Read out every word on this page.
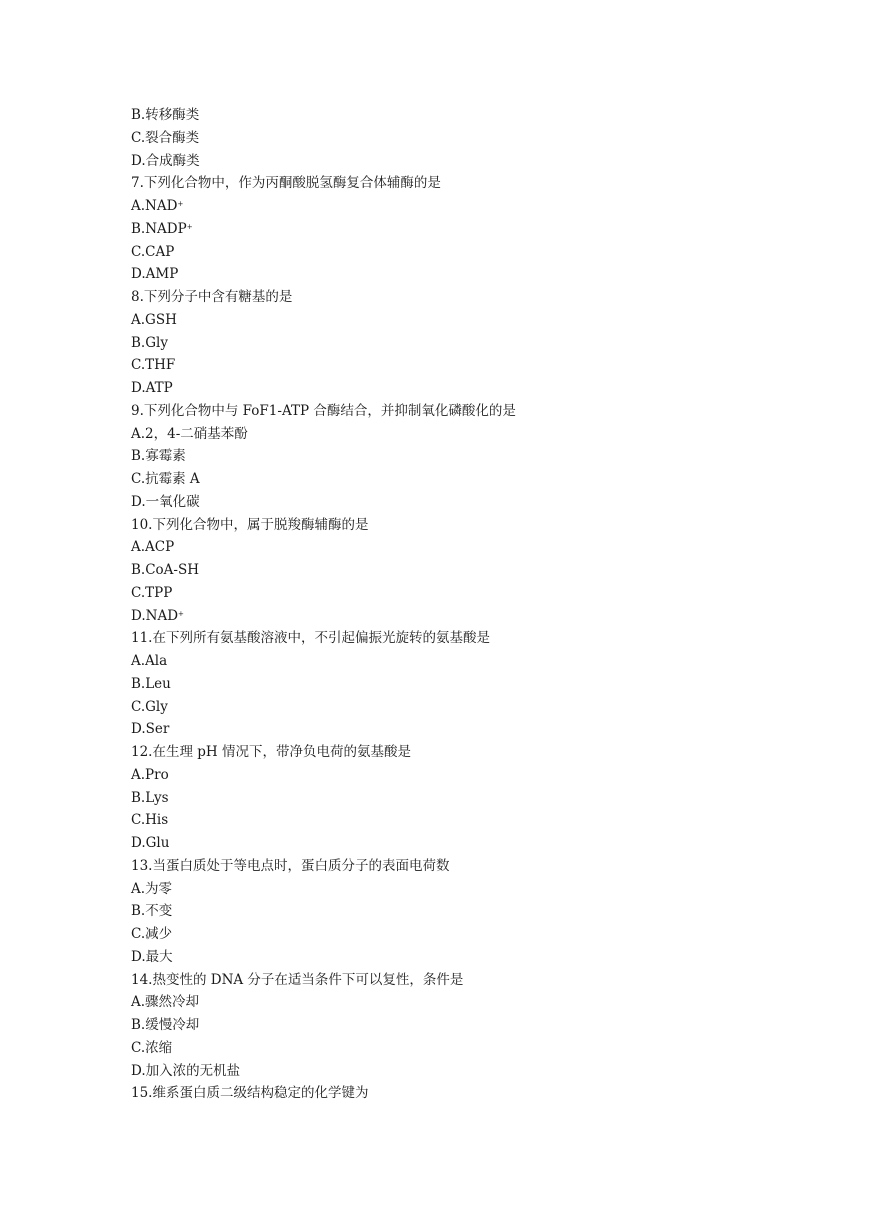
B.转移酶类
C.裂合酶类
D.合成酶类
7.下列化合物中，作为丙酮酸脱氢酶复合体辅酶的是
A.NAD+
B.NADP+
C.CAP
D.AMP
8.下列分子中含有糖基的是
A.GSH
B.Gly
C.THF
D.ATP
9.下列化合物中与 FoF1-ATP 合酶结合，并抑制氧化磷酸化的是
A.2，4-二硝基苯酚
B.寡霉素
C.抗霉素 A
D.一氧化碳
10.下列化合物中，属于脱羧酶辅酶的是
A.ACP
B.CoA-SH
C.TPP
D.NAD+
11.在下列所有氨基酸溶液中，不引起偏振光旋转的氨基酸是
A.Ala
B.Leu
C.Gly
D.Ser
12.在生理 pH 情况下，带净负电荷的氨基酸是
A.Pro
B.Lys
C.His
D.Glu
13.当蛋白质处于等电点时，蛋白质分子的表面电荷数
A.为零
B.不变
C.减少
D.最大
14.热变性的 DNA 分子在适当条件下可以复性，条件是
A.骤然冷却
B.缓慢冷却
C.浓缩
D.加入浓的无机盐
15.维系蛋白质二级结构稳定的化学键为
